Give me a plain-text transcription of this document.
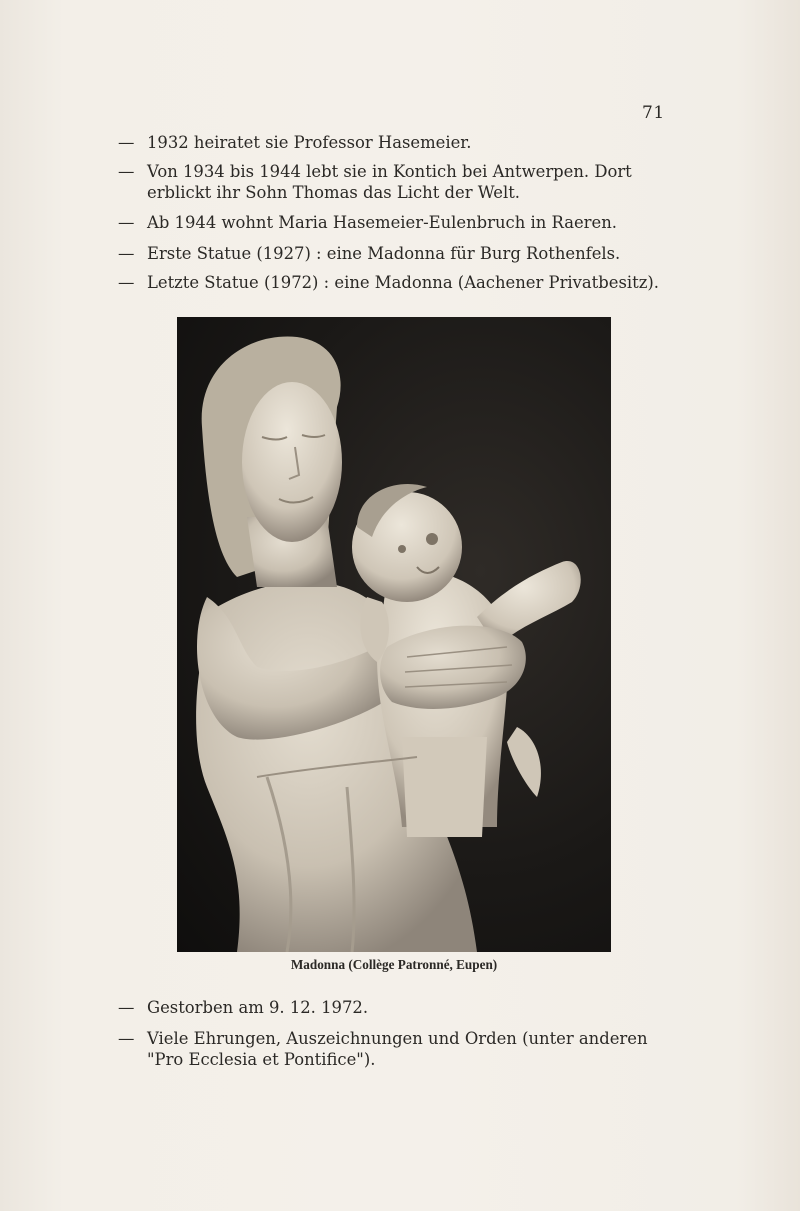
71
— 1932 heiratet sie Professor Hasemeier.
— Von 1934 bis 1944 lebt sie in Kontich bei Antwerpen. Dort
erblickt ihr Sohn Thomas das Licht der Welt.
— Ab 1944 wohnt Maria Hasemeier-Eulenbruch in Raeren.
— Erste Statue (1927) : eine Madonna für Burg Rothenfels.
— Letzte Statue (1972) : eine Madonna (Aachener Privatbesitz).
Madonna (Collège Patronné, Eupen)
— Gestorben am 9. 12. 1972.
— Viele Ehrungen, Auszeichnungen und Orden (unter anderen
"Pro Ecclesia et Pontifice").
